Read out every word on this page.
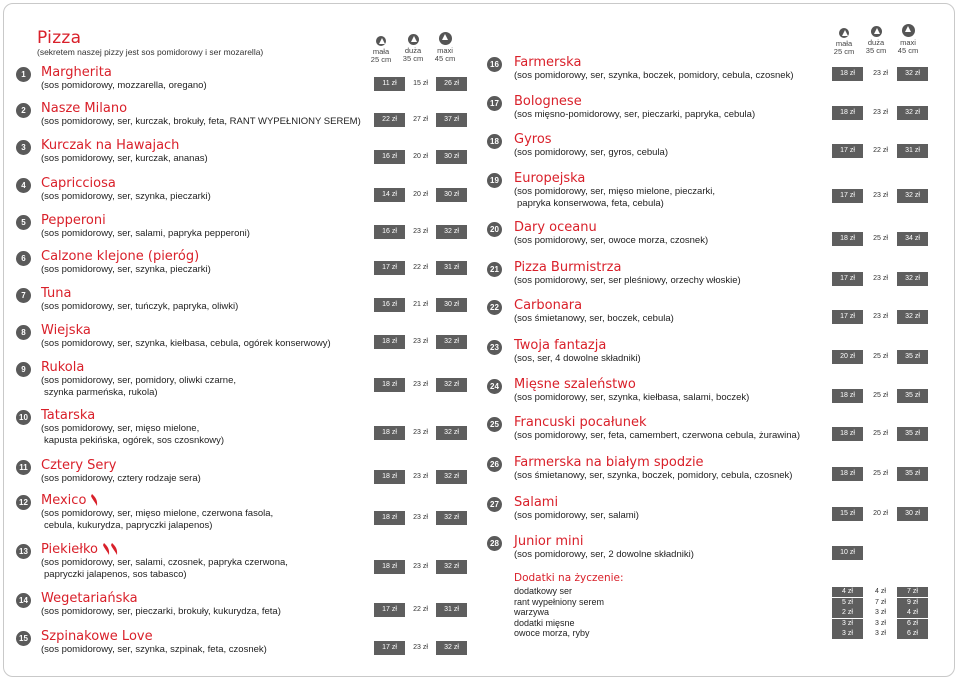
Pizza
(sekretem naszej pizzy jest sos pomidorowy i ser mozarella)	mała
25 cm
duża
35 cm
maxi
45 cm
mała
25 cm
duża
35 cm
maxi
45 cm
1	Margherita
(sos pomidorowy, mozzarella, oregano)	11 zł	15 zł	26 zł
2	Nasze Milano
(sos pomidorowy, ser, kurczak, brokuły, feta, RANT WYPEŁNIONY SEREM)	22 zł	27 zł	37 zł
3	Kurczak na Hawajach
(sos pomidorowy, ser, kurczak, ananas)	16 zł	20 zł	30 zł
4	Capricciosa
(sos pomidorowy, ser, szynka, pieczarki)	14 zł	20 zł	30 zł
5	Pepperoni
(sos pomidorowy, ser, salami, papryka pepperoni)	16 zł	23 zł	32 zł
6	Calzone klejone (pieróg)
(sos pomidorowy, ser, szynka, pieczarki)	17 zł	22 zł	31 zł
7	Tuna
(sos pomidorowy, ser, tuńczyk, papryka, oliwki)	16 zł	21 zł	30 zł
8	Wiejska
(sos pomidorowy, ser, szynka, kiełbasa, cebula, ogórek konserwowy)	18 zł	23 zł	32 zł
9	Rukola
(sos pomidorowy, ser, pomidory, oliwki czarne,
szynka parmeńska, rukola)
18 zł	23 zł	32 zł
10 Tatarska
(sos pomidorowy, ser, mięso mielone,
kapusta pekińska, ogórek, sos czosnkowy)
18 zł	23 zł	32 zł
11 Cztery Sery
(sos pomidorowy, cztery rodzaje sera)	18 zł	23 zł	32 zł
12 Mexico
(sos pomidorowy, ser, mięso mielone, czerwona fasola,
cebula, kukurydza, papryczki jalapenos)
18 zł	23 zł	32 zł
13 Piekiełko
(sos pomidorowy, ser, salami, czosnek, papryka czerwona,
papryczki jalapenos, sos tabasco)
18 zł	23 zł	32 zł
14 Wegetariańska
(sos pomidorowy, ser, pieczarki, brokuły, kukurydza, feta)	17 zł	22 zł	31 zł
15 Szpinakowe Love
(sos pomidorowy, ser, szynka, szpinak, feta, czosnek)	17 zł	23 zł	32 zł
16 Farmerska
(sos pomidorowy, ser, szynka, boczek, pomidory, cebula, czosnek)	18 zł	23 zł	32 zł
17 Bolognese
(sos mięsno-pomidorowy, ser, pieczarki, papryka, cebula)	18 zł	23 zł	32 zł
18 Gyros
(sos pomidorowy, ser, gyros, cebula)	17 zł	22 zł	31 zł
19 Europejska
(sos pomidorowy, ser, mięso mielone, pieczarki,
papryka konserwowa, feta, cebula)
17 zł	23 zł	32 zł
20 Dary oceanu
(sos pomidorowy, ser, owoce morza, czosnek)	18 zł	25 zł	34 zł
21 Pizza Burmistrza
(sos pomidorowy, ser, ser pleśniowy, orzechy włoskie)	17 zł	23 zł	32 zł
22 Carbonara
(sos śmietanowy, ser, boczek, cebula)	17 zł	23 zł	32 zł
23 Twoja fantazja
(sos, ser, 4 dowolne składniki)	20 zł	25 zł	35 zł
24 Mięsne szaleństwo
(sos pomidorowy, ser, szynka, kiełbasa, salami, boczek)	18 zł	25 zł	35 zł
25 Francuski pocałunek
(sos pomidorowy, ser, feta, camembert, czerwona cebula, żurawina)	18 zł	25 zł	35 zł
26 Farmerska na białym spodzie
(sos śmietanowy, ser, szynka, boczek, pomidory, cebula, czosnek)	18 zł	25 zł	35 zł
27 Salami
(sos pomidorowy, ser, salami)	15 zł	20 zł	30 zł
28 Junior mini
(sos pomidorowy, ser, 2 dowolne składniki)	10 zł
Dodatki na życzenie:
dodatkowy ser	4 zł	4 zł	7 zł
rant wypełniony serem	5 zł	7 zł	9 zł
warzywa	2 zł	3 zł	4 zł
dodatki mięsne	3 zł	3 zł	6 zł
owoce morza, ryby	3 zł	3 zł	6 zł
